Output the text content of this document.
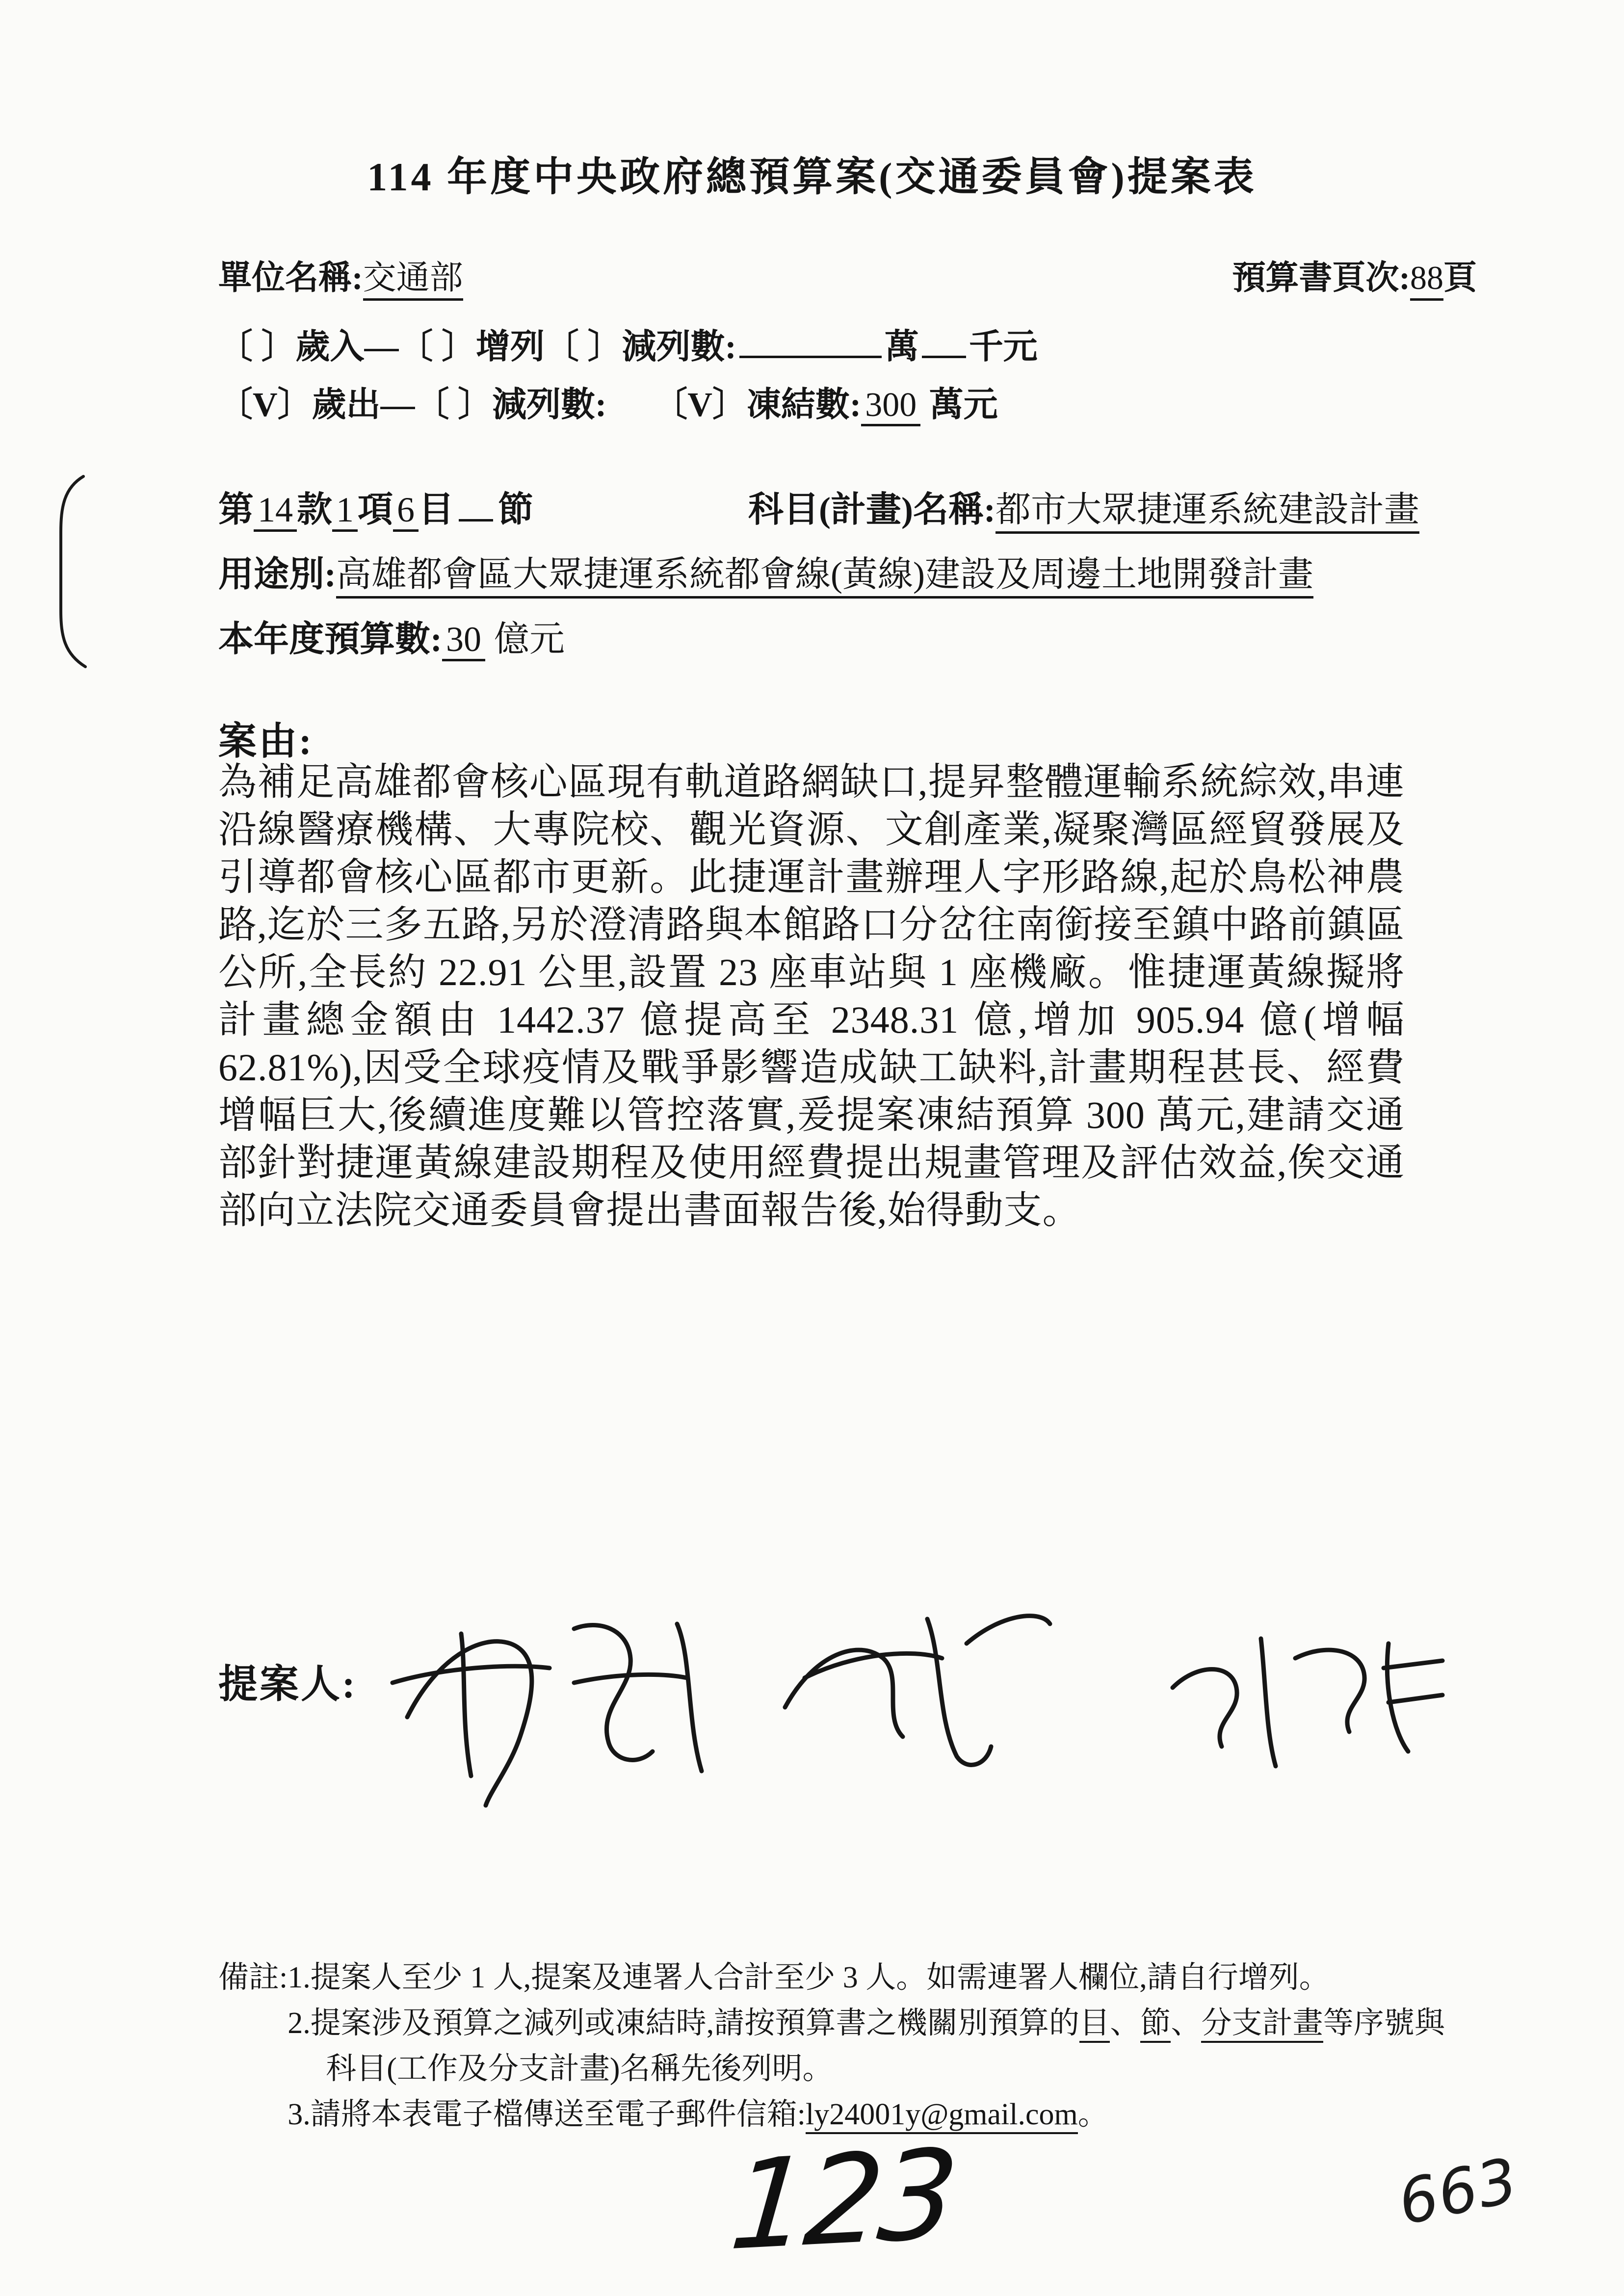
114 年度中央政府總預算案(交通委員會)提案表
單位名稱:交通部	預算書頁次:88頁
〔 〕歲入—〔 〕增列〔 〕減列數:	萬 千元
〔V〕歲出—〔 〕減列數: 〔V〕凍結數: 300 萬元
第 14 款 1 項 6 目 節	科目(計畫)名稱:都市大眾捷運系統建設計畫
用途別:高雄都會區大眾捷運系統都會線(黃線)建設及周邊土地開發計畫
本年度預算數: 30 億元
案由:
為補足高雄都會核心區現有軌道路網缺口,提昇整體運輸系統綜效,串連沿線醫療機構、大專院校、觀光資源、文創產業,凝聚灣區經貿發展及引導都會核心區都市更新。此捷運計畫辦理人字形路線,起於鳥松神農路,迄於三多五路,另於澄清路與本館路口分岔往南銜接至鎮中路前鎮區公所,全長約 22.91 公里,設置 23 座車站與 1 座機廠。惟捷運黃線擬將計畫總金額由 1442.37 億提高至 2348.31 億,增加 905.94 億(增幅62.81%),因受全球疫情及戰爭影響造成缺工缺料,計畫期程甚長、經費增幅巨大,後續進度難以管控落實,爰提案凍結預算 300 萬元,建請交通部針對捷運黃線建設期程及使用經費提出規畫管理及評估效益,俟交通部向立法院交通委員會提出書面報告後,始得動支。
提案人:
備註: 1.提案人至少 1 人,提案及連署人合計至少 3 人。如需連署人欄位,請自行增列。
2.提案涉及預算之減列或凍結時,請按預算書之機關別預算的目、節、分支計畫等序號與科目(工作及分支計畫)名稱先後列明。
3.請將本表電子檔傳送至電子郵件信箱:ly24001y@gmail.com。
123	663
